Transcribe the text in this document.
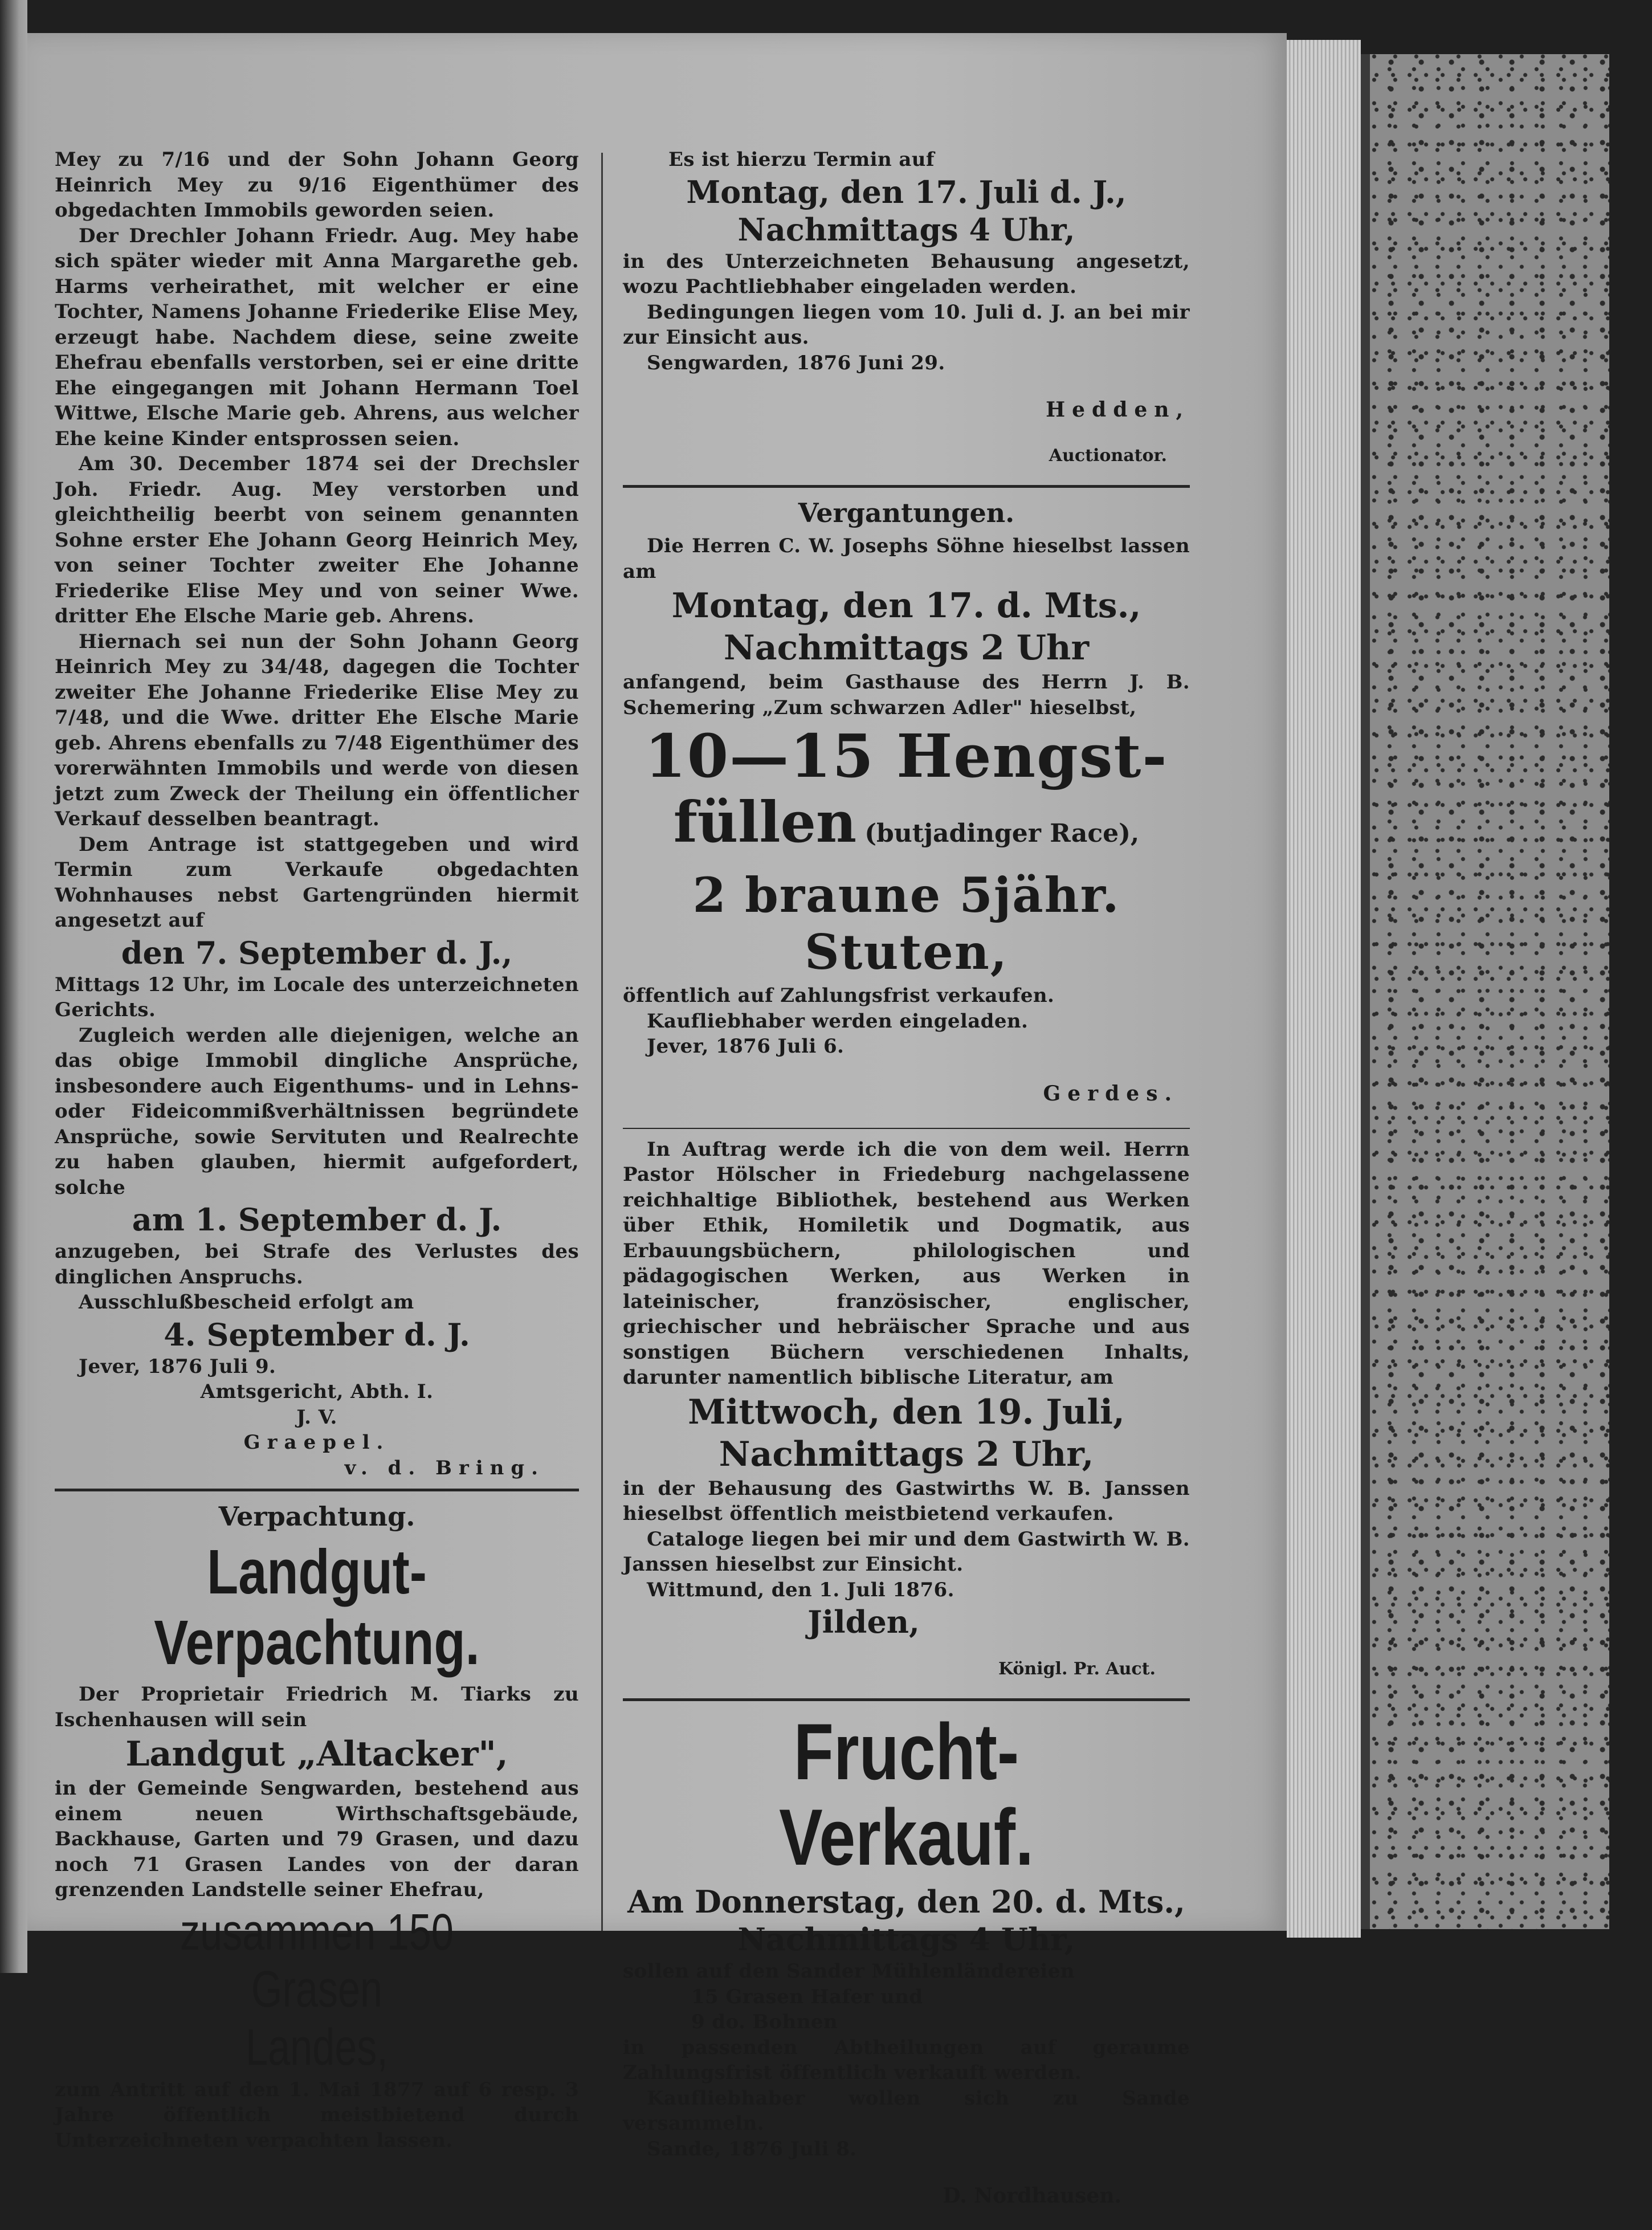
Mey zu 7/16 und der Sohn Johann Georg Heinrich Mey zu 9/16 Eigenthümer des obgedachten Immobils geworden seien.

Der Drechler Johann Friedr. Aug. Mey habe sich später wieder mit Anna Margarethe geb. Harms verheirathet, mit welcher er eine Tochter, Namens Johanne Friederike Elise Mey, erzeugt habe. Nachdem diese, seine zweite Ehefrau ebenfalls verstorben, sei er eine dritte Ehe eingegangen mit Johann Hermann Toel Wittwe, Elsche Marie geb. Ahrens, aus welcher Ehe keine Kinder entsprossen seien.

Am 30. December 1874 sei der Drechsler Joh. Friedr. Aug. Mey verstorben und gleichtheilig beerbt von seinem genannten Sohne erster Ehe Johann Georg Heinrich Mey, von seiner Tochter zweiter Ehe Johanne Friederike Elise Mey und von seiner Wwe. dritter Ehe Elsche Marie geb. Ahrens.

Hiernach sei nun der Sohn Johann Georg Heinrich Mey zu 34/48, dagegen die Tochter zweiter Ehe Johanne Friederike Elise Mey zu 7/48, und die Wwe. dritter Ehe Elsche Marie geb. Ahrens ebenfalls zu 7/48 Eigenthümer des vorerwähnten Immobils und werde von diesen jetzt zum Zweck der Theilung ein öffentlicher Verkauf desselben beantragt.

Dem Antrage ist stattgegeben und wird Termin zum Verkaufe obgedachten Wohnhauses nebst Gartengründen hiermit angesetzt auf

den 7. September d. J.,

Mittags 12 Uhr, im Locale des unterzeichneten Gerichts.

Zugleich werden alle diejenigen, welche an das obige Immobil dingliche Ansprüche, insbesondere auch Eigenthums- und in Lehns- oder Fideicommißverhältnissen begründete Ansprüche, sowie Servituten und Realrechte zu haben glauben, hiermit aufgefordert, solche

am 1. September d. J.

anzugeben, bei Strafe des Verlustes des dinglichen Anspruchs.

Ausschlußbescheid erfolgt am

4. September d. J.

Jever, 1876 Juli 9.

Amtsgericht, Abth. I.

J. V.

Graepel.

v. d. Bring.

Verpachtung.

Landgut-Verpachtung.

Der Proprietair Friedrich M. Tiarks zu Ischenhausen will sein

Landgut „Altacker",

in der Gemeinde Sengwarden, bestehend aus einem neuen Wirthschaftsgebäude, Backhause, Garten und 79 Grasen, und dazu noch 71 Grasen Landes von der daran grenzenden Landstelle seiner Ehefrau,

zusammen 150 Grasen

Landes,

zum Antritt auf den 1. Mai 1877 auf 6 resp. 3 Jahre öffentlich meistbietend durch Unterzeichneten verpachten lassen.

Es ist hierzu Termin auf

Montag, den 17. Juli d. J.,

Nachmittags 4 Uhr,

in des Unterzeichneten Behausung angesetzt, wozu Pachtliebhaber eingeladen werden.

Bedingungen liegen vom 10. Juli d. J. an bei mir zur Einsicht aus.

Sengwarden, 1876 Juni 29.

Hedden,

Auctionator.

Vergantungen.

Die Herren C. W. Josephs Söhne hieselbst lassen am

Montag, den 17. d. Mts.,

Nachmittags 2 Uhr

anfangend, beim Gasthause des Herrn J. B. Schemering „Zum schwarzen Adler" hieselbst,

10—15 Hengst-

füllen (butjadinger Race),

2 braune 5jähr. Stuten,

öffentlich auf Zahlungsfrist verkaufen.

Kaufliebhaber werden eingeladen.

Jever, 1876 Juli 6.

Gerdes.

In Auftrag werde ich die von dem weil. Herrn Pastor Hölscher in Friedeburg nachgelassene reichhaltige Bibliothek, bestehend aus Werken über Ethik, Homiletik und Dogmatik, aus Erbauungsbüchern, philologischen und pädagogischen Werken, aus Werken in lateinischer, französischer, englischer, griechischer und hebräischer Sprache und aus sonstigen Büchern verschiedenen Inhalts, darunter namentlich biblische Literatur, am

Mittwoch, den 19. Juli,

Nachmittags 2 Uhr,

in der Behausung des Gastwirths W. B. Janssen hieselbst öffentlich meistbietend verkaufen.

Cataloge liegen bei mir und dem Gastwirth W. B. Janssen hieselbst zur Einsicht.

Wittmund, den 1. Juli 1876.

Jilden,

Königl. Pr. Auct.

Frucht-Verkauf.

Am Donnerstag, den 20. d. Mts.,

Nachmittags 4 Uhr,

sollen auf den Sander Mühlenländereien

15 Grasen Hafer und

9 do. Bohnen

in passenden Abtheilungen auf geraume Zahlungsfrist öffentlich verkauft werden.

Kaufliebhaber wollen sich zu Sande versammeln.

Sande, 1876 Juli 8.

D. Nordhausen.
